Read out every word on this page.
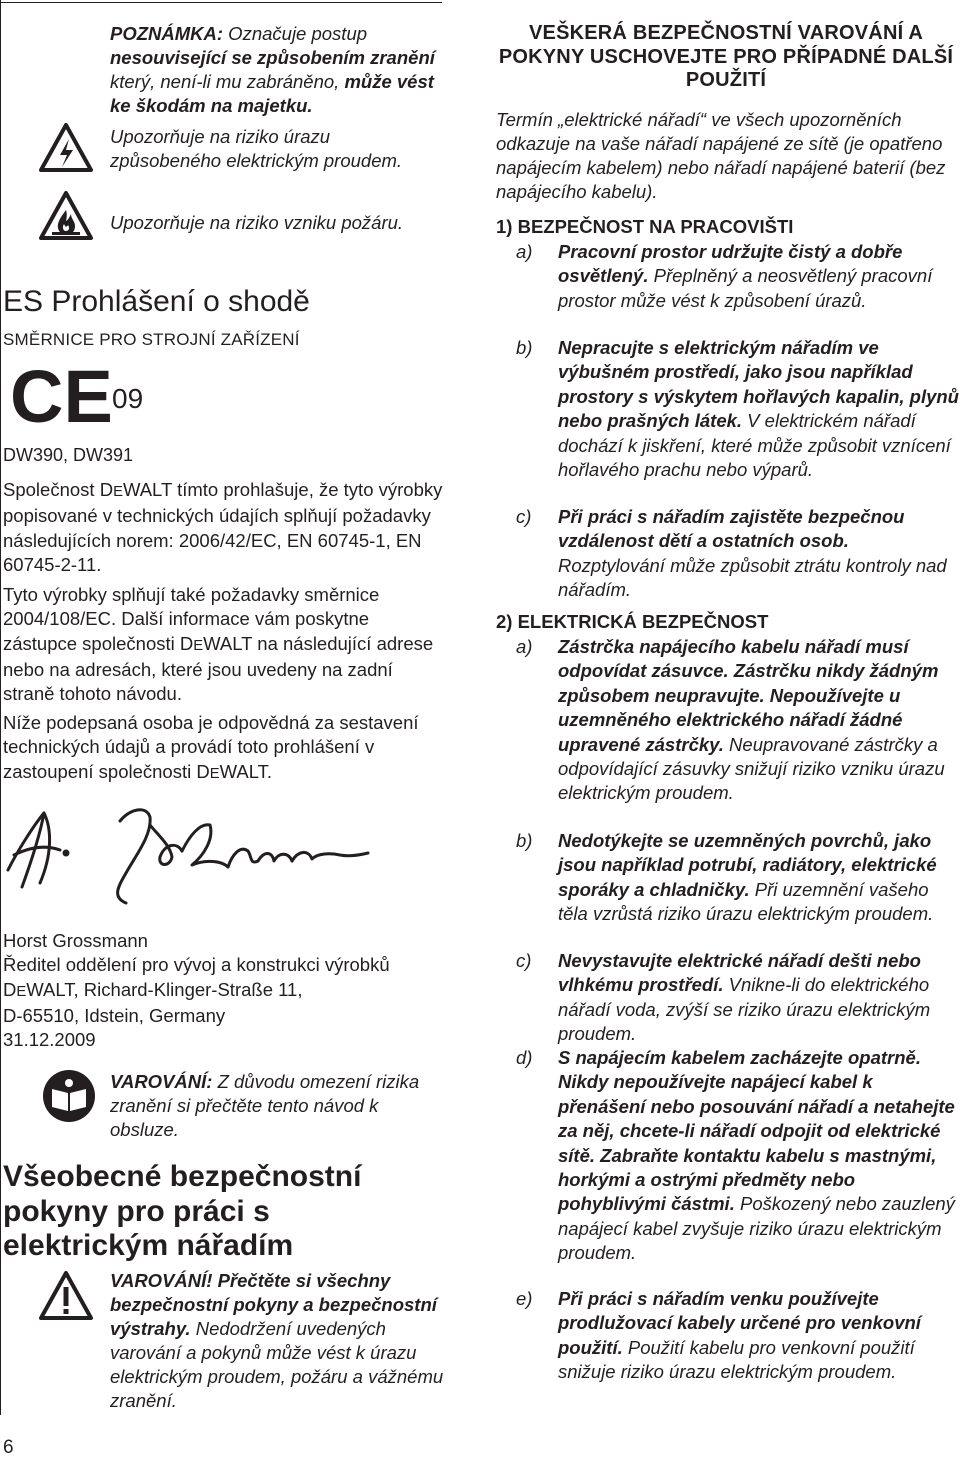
POZNÁMKA: Označuje postup nesouvisející se způsobením zranění který, není-li mu zabráněno, může vést ke škodám na majetku.
Upozorňuje na riziko úrazu způsobeného elektrickým proudem.
Upozorňuje na riziko vzniku požáru.
ES Prohlášení o shodě
SMĚRNICE PRO STROJNÍ ZAŘÍZENÍ
CE 09
DW390, DW391
Společnost DEWALT tímto prohlašuje, že tyto výrobky popisované v technických údajích splňují požadavky následujících norem: 2006/42/EC, EN 60745-1, EN 60745-2-11.
Tyto výrobky splňují také požadavky směrnice 2004/108/EC. Další informace vám poskytne zástupce společnosti DEWALT na následující adrese nebo na adresách, které jsou uvedeny na zadní straně tohoto návodu.
Níže podepsaná osoba je odpovědná za sestavení technických údajů a provádí toto prohlášení v zastoupení společnosti DEWALT.
Horst Grossmann
Ředitel oddělení pro vývoj a konstrukci výrobků
DEWALT, Richard-Klinger-Straße 11,
D-65510, Idstein, Germany
31.12.2009
VAROVÁNÍ: Z důvodu omezení rizika zranění si přečtěte tento návod k obsluze.
Všeobecné bezpečnostní pokyny pro práci s elektrickým nářadím
VAROVÁNÍ! Přečtěte si všechny bezpečnostní pokyny a bezpečnostní výstrahy. Nedodržení uvedených varování a pokynů může vést k úrazu elektrickým proudem, požáru a vážnému zranění.
6
VEŠKERÁ BEZPEČNOSTNÍ VAROVÁNÍ A POKYNY USCHOVEJTE PRO PŘÍPADNÉ DALŠÍ POUŽITÍ
Termín „elektrické nářadí“ ve všech upozorněních odkazuje na vaše nářadí napájené ze sítě (je opatřeno napájecím kabelem) nebo nářadí napájené baterií (bez napájecího kabelu).
1) BEZPEČNOST NA PRACOVIŠTI
a) Pracovní prostor udržujte čistý a dobře osvětlený. Přeplněný a neosvětlený pracovní prostor může vést k způsobení úrazů.
b) Nepracujte s elektrickým nářadím ve výbušném prostředí, jako jsou například prostory s výskytem hořlavých kapalin, plynů nebo prašných látek. V elektrickém nářadí dochází k jiskření, které může způsobit vznícení hořlavého prachu nebo výparů.
c) Při práci s nářadím zajistěte bezpečnou vzdálenost dětí a ostatních osob. Rozptylování může způsobit ztrátu kontroly nad nářadím.
2) ELEKTRICKÁ BEZPEČNOST
a) Zástrčka napájecího kabelu nářadí musí odpovídat zásuvce. Zástrčku nikdy žádným způsobem neupravujte. Nepoužívejte u uzemněného elektrického nářadí žádné upravené zástrčky. Neupravované zástrčky a odpovídající zásuvky snižují riziko vzniku úrazu elektrickým proudem.
b) Nedotýkejte se uzemněných povrchů, jako jsou například potrubí, radiátory, elektrické sporáky a chladničky. Při uzemnění vašeho těla vzrůstá riziko úrazu elektrickým proudem.
c) Nevystavujte elektrické nářadí dešti nebo vlhkému prostředí. Vnikne-li do elektrického nářadí voda, zvýší se riziko úrazu elektrickým proudem.
d) S napájecím kabelem zacházejte opatrně. Nikdy nepoužívejte napájecí kabel k přenášení nebo posouvání nářadí a netahejte za něj, chcete-li nářadí odpojit od elektrické sítě. Zabraňte kontaktu kabelu s mastnými, horkými a ostrými předměty nebo pohyblivými částmi. Poškozený nebo zauzlený napájecí kabel zvyšuje riziko úrazu elektrickým proudem.
e) Při práci s nářadím venku používejte prodlužovací kabely určené pro venkovní použití. Použití kabelu pro venkovní použití snižuje riziko úrazu elektrickým proudem.
